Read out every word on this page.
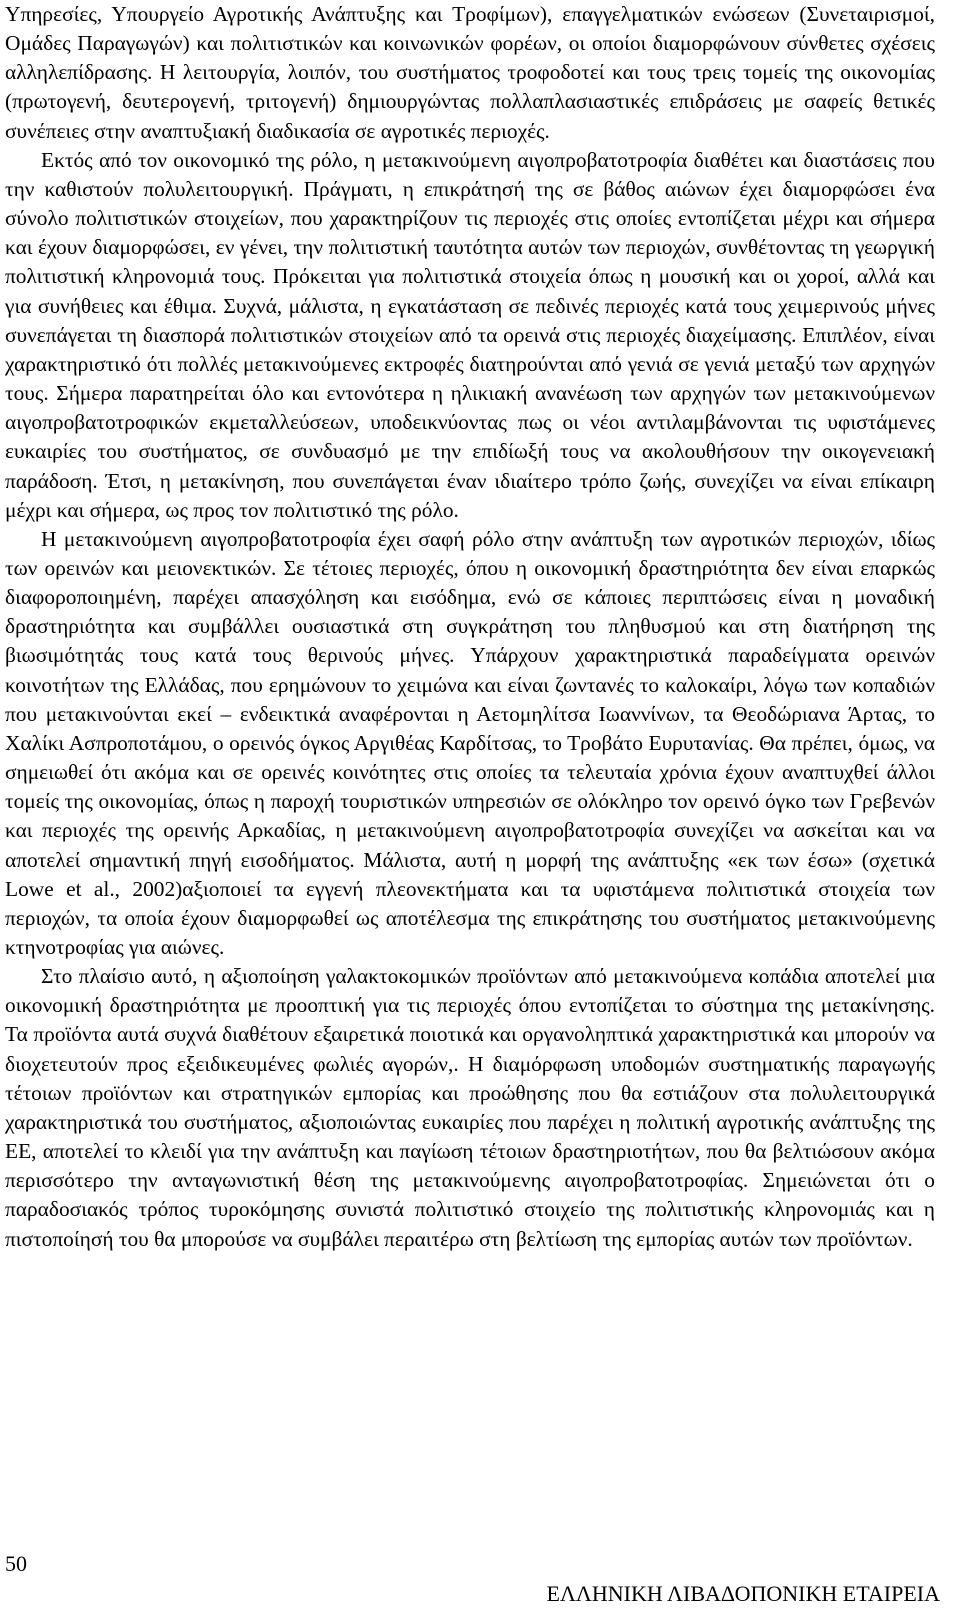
Υπηρεσίες, Υπουργείο Αγροτικής Ανάπτυξης και Τροφίμων), επαγγελματικών ενώσεων (Συνεταιρισμοί, Ομάδες Παραγωγών) και πολιτιστικών και κοινωνικών φορέων, οι οποίοι διαμορφώνουν σύνθετες σχέσεις αλληλεπίδρασης. Η λειτουργία, λοιπόν, του συστήματος τροφοδοτεί και τους τρεις τομείς της οικονομίας (πρωτογενή, δευτερογενή, τριτογενή) δημιουργώντας πολλαπλασιαστικές επιδράσεις με σαφείς θετικές συνέπειες στην αναπτυξιακή διαδικασία σε αγροτικές περιοχές.

Εκτός από τον οικονομικό της ρόλο, η μετακινούμενη αιγοπροβατοτροφία διαθέτει και διαστάσεις που την καθιστούν πολυλειτουργική. Πράγματι, η επικράτησή της σε βάθος αιώνων έχει διαμορφώσει ένα σύνολο πολιτιστικών στοιχείων, που χαρακτηρίζουν τις περιοχές στις οποίες εντοπίζεται μέχρι και σήμερα και έχουν διαμορφώσει, εν γένει, την πολιτιστική ταυτότητα αυτών των περιοχών, συνθέτοντας τη γεωργική πολιτιστική κληρονομιά τους. Πρόκειται για πολιτιστικά στοιχεία όπως η μουσική και οι χοροί, αλλά και για συνήθειες και έθιμα. Συχνά, μάλιστα, η εγκατάσταση σε πεδινές περιοχές κατά τους χειμερινούς μήνες συνεπάγεται τη διασπορά πολιτιστικών στοιχείων από τα ορεινά στις περιοχές διαχείμασης. Επιπλέον, είναι χαρακτηριστικό ότι πολλές μετακινούμενες εκτροφές διατηρούνται από γενιά σε γενιά μεταξύ των αρχηγών τους. Σήμερα παρατηρείται όλο και εντονότερα η ηλικιακή ανανέωση των αρχηγών των μετακινούμενων αιγοπροβατοτροφικών εκμεταλλεύσεων, υποδεικνύοντας πως οι νέοι αντιλαμβάνονται τις υφιστάμενες ευκαιρίες του συστήματος, σε συνδυασμό με την επιδίωξή τους να ακολουθήσουν την οικογενειακή παράδοση. Έτσι, η μετακίνηση, που συνεπάγεται έναν ιδιαίτερο τρόπο ζωής, συνεχίζει να είναι επίκαιρη μέχρι και σήμερα, ως προς τον πολιτιστικό της ρόλο.

Η μετακινούμενη αιγοπροβατοτροφία έχει σαφή ρόλο στην ανάπτυξη των αγροτικών περιοχών, ιδίως των ορεινών και μειονεκτικών. Σε τέτοιες περιοχές, όπου η οικονομική δραστηριότητα δεν είναι επαρκώς διαφοροποιημένη, παρέχει απασχόληση και εισόδημα, ενώ σε κάποιες περιπτώσεις είναι η μοναδική δραστηριότητα και συμβάλλει ουσιαστικά στη συγκράτηση του πληθυσμού και στη διατήρηση της βιωσιμότητάς τους κατά τους θερινούς μήνες. Υπάρχουν χαρακτηριστικά παραδείγματα ορεινών κοινοτήτων της Ελλάδας, που ερημώνουν το χειμώνα και είναι ζωντανές το καλοκαίρι, λόγω των κοπαδιών που μετακινούνται εκεί – ενδεικτικά αναφέρονται η Αετομηλίτσα Ιωαννίνων, τα Θεοδώριανα Άρτας, το Χαλίκι Ασπροποτάμου, ο ορεινός όγκος Αργιθέας Καρδίτσας, το Τροβάτο Ευρυτανίας. Θα πρέπει, όμως, να σημειωθεί ότι ακόμα και σε ορεινές κοινότητες στις οποίες τα τελευταία χρόνια έχουν αναπτυχθεί άλλοι τομείς της οικονομίας, όπως η παροχή τουριστικών υπηρεσιών σε ολόκληρο τον ορεινό όγκο των Γρεβενών και περιοχές της ορεινής Αρκαδίας, η μετακινούμενη αιγοπροβατοτροφία συνεχίζει να ασκείται και να αποτελεί σημαντική πηγή εισοδήματος. Μάλιστα, αυτή η μορφή της ανάπτυξης «εκ των έσω» (σχετικά Lowe et al., 2002)αξιοποιεί τα εγγενή πλεονεκτήματα και τα υφιστάμενα πολιτιστικά στοιχεία των περιοχών, τα οποία έχουν διαμορφωθεί ως αποτέλεσμα της επικράτησης του συστήματος μετακινούμενης κτηνοτροφίας για αιώνες.

Στο πλαίσιο αυτό, η αξιοποίηση γαλακτοκομικών προϊόντων από μετακινούμενα κοπάδια αποτελεί μια οικονομική δραστηριότητα με προοπτική για τις περιοχές όπου εντοπίζεται το σύστημα της μετακίνησης. Τα προϊόντα αυτά συχνά διαθέτουν εξαιρετικά ποιοτικά και οργανοληπτικά χαρακτηριστικά και μπορούν να διοχετευτούν προς εξειδικευμένες φωλιές αγορών,. Η διαμόρφωση υποδομών συστηματικής παραγωγής τέτοιων προϊόντων και στρατηγικών εμπορίας και προώθησης που θα εστιάζουν στα πολυλειτουργικά χαρακτηριστικά του συστήματος, αξιοποιώντας ευκαιρίες που παρέχει η πολιτική αγροτικής ανάπτυξης της ΕΕ, αποτελεί το κλειδί για την ανάπτυξη και παγίωση τέτοιων δραστηριοτήτων, που θα βελτιώσουν ακόμα περισσότερο την ανταγωνιστική θέση της μετακινούμενης αιγοπροβατοτροφίας. Σημειώνεται ότι ο παραδοσιακός τρόπος τυροκόμησης συνιστά πολιτιστικό στοιχείο της πολιτιστικής κληρονομιάς και η πιστοποίησή του θα μπορούσε να συμβάλει περαιτέρω στη βελτίωση της εμπορίας αυτών των προϊόντων.

50
ΕΛΛΗΝΙΚΗ ΛΙΒΑΔΟΠΟΝΙΚΗ ΕΤΑΙΡΕΙΑ
